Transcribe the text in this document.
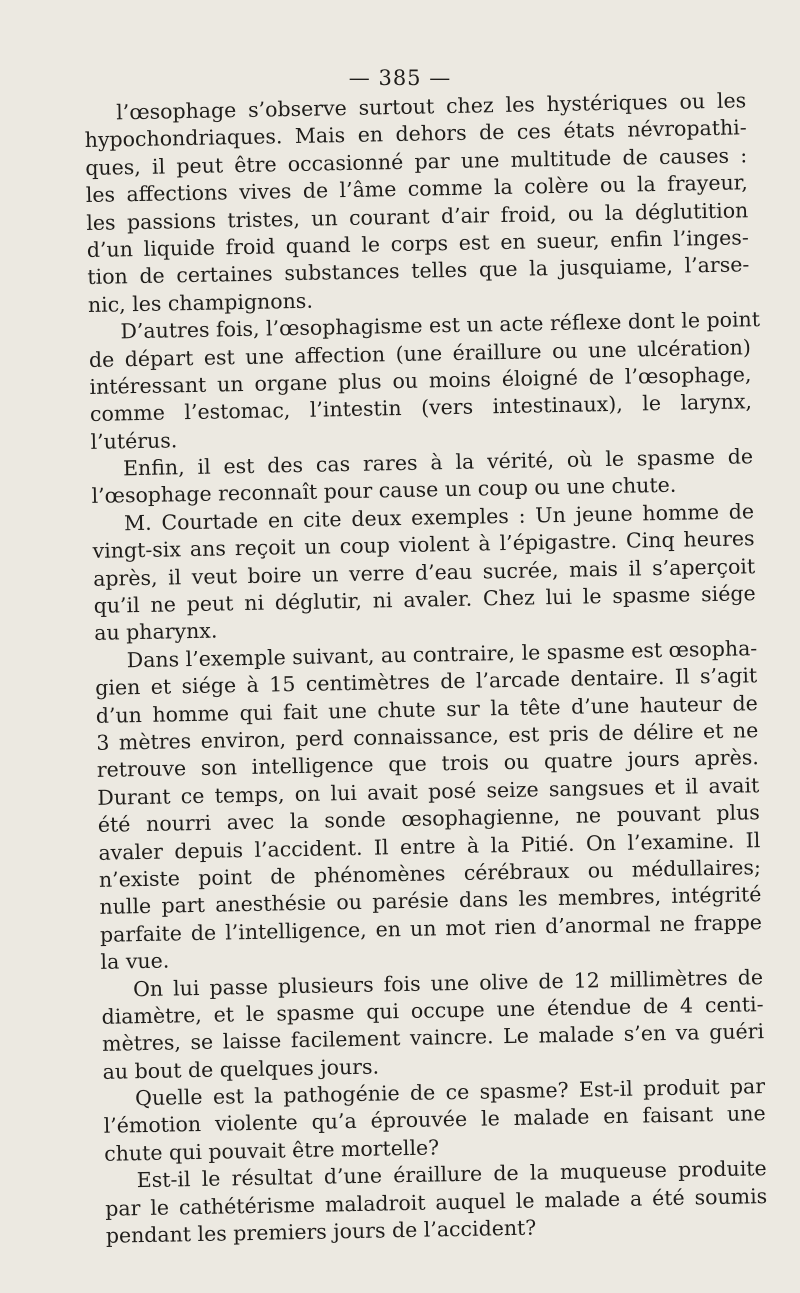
— 385 —
l’œsophage s’observe surtout chez les hystériques ou les
hypochondriaques. Mais en dehors de ces états névropathi-
ques, il peut être occasionné par une multitude de causes :
les affections vives de l’âme comme la colère ou la frayeur,
les passions tristes, un courant d’air froid, ou la déglutition
d’un liquide froid quand le corps est en sueur, enfin l’inges-
tion de certaines substances telles que la jusquiame, l’arse-
nic, les champignons.
D’autres fois, l’œsophagisme est un acte réflexe dont le point
de départ est une affection (une éraillure ou une ulcération)
intéressant un organe plus ou moins éloigné de l’œsophage,
comme l’estomac, l’intestin (vers intestinaux), le larynx,
l’utérus.
Enfin, il est des cas rares à la vérité, où le spasme de
l’œsophage reconnaît pour cause un coup ou une chute.
M. Courtade en cite deux exemples : Un jeune homme de
vingt-six ans reçoit un coup violent à l’épigastre. Cinq heures
après, il veut boire un verre d’eau sucrée, mais il s’aperçoit
qu’il ne peut ni déglutir, ni avaler. Chez lui le spasme siége
au pharynx.
Dans l’exemple suivant, au contraire, le spasme est œsopha-
gien et siége à 15 centimètres de l’arcade dentaire. Il s’agit
d’un homme qui fait une chute sur la tête d’une hauteur de
3 mètres environ, perd connaissance, est pris de délire et ne
retrouve son intelligence que trois ou quatre jours après.
Durant ce temps, on lui avait posé seize sangsues et il avait
été nourri avec la sonde œsophagienne, ne pouvant plus
avaler depuis l’accident. Il entre à la Pitié. On l’examine. Il
n’existe point de phénomènes cérébraux ou médullaires;
nulle part anesthésie ou parésie dans les membres, intégrité
parfaite de l’intelligence, en un mot rien d’anormal ne frappe
la vue.
On lui passe plusieurs fois une olive de 12 millimètres de
diamètre, et le spasme qui occupe une étendue de 4 centi-
mètres, se laisse facilement vaincre. Le malade s’en va guéri
au bout de quelques jours.
Quelle est la pathogénie de ce spasme? Est-il produit par
l’émotion violente qu’a éprouvée le malade en faisant une
chute qui pouvait être mortelle?
Est-il le résultat d’une éraillure de la muqueuse produite
par le cathétérisme maladroit auquel le malade a été soumis
pendant les premiers jours de l’accident?
